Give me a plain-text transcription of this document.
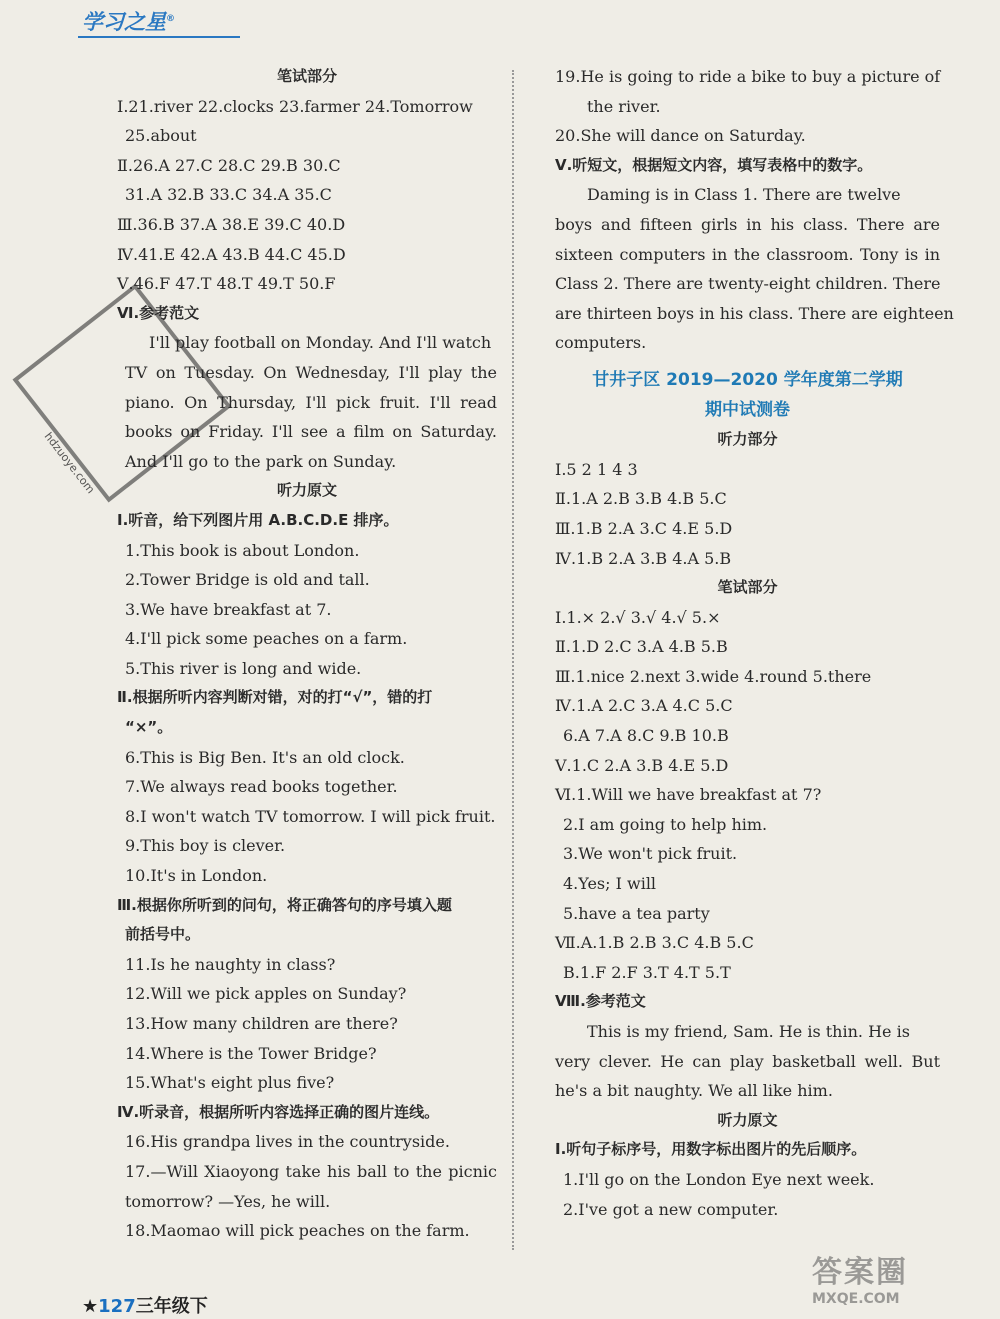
学习之星®
笔试部分
Ⅰ.21.river 22.clocks 23.farmer 24.Tomorrow
25.about
Ⅱ.26.A 27.C 28.C 29.B 30.C
31.A 32.B 33.C 34.A 35.C
Ⅲ.36.B 37.A 38.E 39.C 40.D
Ⅳ.41.E 42.A 43.B 44.C 45.D
Ⅴ.46.F 47.T 48.T 49.T 50.F
Ⅵ.参考范文
I'll play football on Monday. And I'll watch
TV on Tuesday. On Wednesday, I'll play the
piano. On Thursday, I'll pick fruit. I'll read
books on Friday. I'll see a film on Saturday.
And I'll go to the park on Sunday.
听力原文
Ⅰ.听音，给下列图片用 A.B.C.D.E 排序。
1.This book is about London.
2.Tower Bridge is old and tall.
3.We have breakfast at 7.
4.I'll pick some peaches on a farm.
5.This river is long and wide.
Ⅱ.根据所听内容判断对错，对的打“√”，错的打
“×”。
6.This is Big Ben. It's an old clock.
7.We always read books together.
8.I won't watch TV tomorrow. I will pick fruit.
9.This boy is clever.
10.It's in London.
Ⅲ.根据你所听到的问句，将正确答句的序号填入题
前括号中。
11.Is he naughty in class?
12.Will we pick apples on Sunday?
13.How many children are there?
14.Where is the Tower Bridge?
15.What's eight plus five?
Ⅳ.听录音，根据所听内容选择正确的图片连线。
16.His grandpa lives in the countryside.
17.—Will Xiaoyong take his ball to the picnic
tomorrow? —Yes, he will.
18.Maomao will pick peaches on the farm.
19.He is going to ride a bike to buy a picture of
the river.
20.She will dance on Saturday.
Ⅴ.听短文，根据短文内容，填写表格中的数字。
Daming is in Class 1. There are twelve
boys and fifteen girls in his class. There are
sixteen computers in the classroom. Tony is in
Class 2. There are twenty-eight children. There
are thirteen boys in his class. There are eighteen
computers.
甘井子区 2019—2020 学年度第二学期
期中试测卷
听力部分
Ⅰ.5 2 1 4 3
Ⅱ.1.A 2.B 3.B 4.B 5.C
Ⅲ.1.B 2.A 3.C 4.E 5.D
Ⅳ.1.B 2.A 3.B 4.A 5.B
笔试部分
Ⅰ.1.× 2.√ 3.√ 4.√ 5.×
Ⅱ.1.D 2.C 3.A 4.B 5.B
Ⅲ.1.nice 2.next 3.wide 4.round 5.there
Ⅳ.1.A 2.C 3.A 4.C 5.C
6.A 7.A 8.C 9.B 10.B
Ⅴ.1.C 2.A 3.B 4.E 5.D
Ⅵ.1.Will we have breakfast at 7?
2.I am going to help him.
3.We won't pick fruit.
4.Yes; I will
5.have a tea party
Ⅶ.A.1.B 2.B 3.C 4.B 5.C
B.1.F 2.F 3.T 4.T 5.T
Ⅷ.参考范文
This is my friend, Sam. He is thin. He is
very clever. He can play basketball well. But
he's a bit naughty. We all like him.
听力原文
Ⅰ.听句子标序号，用数字标出图片的先后顺序。
1.I'll go on the London Eye next week.
2.I've got a new computer.
hdzuoye.com
答案圈
MXQE.COM
★127三年级下
